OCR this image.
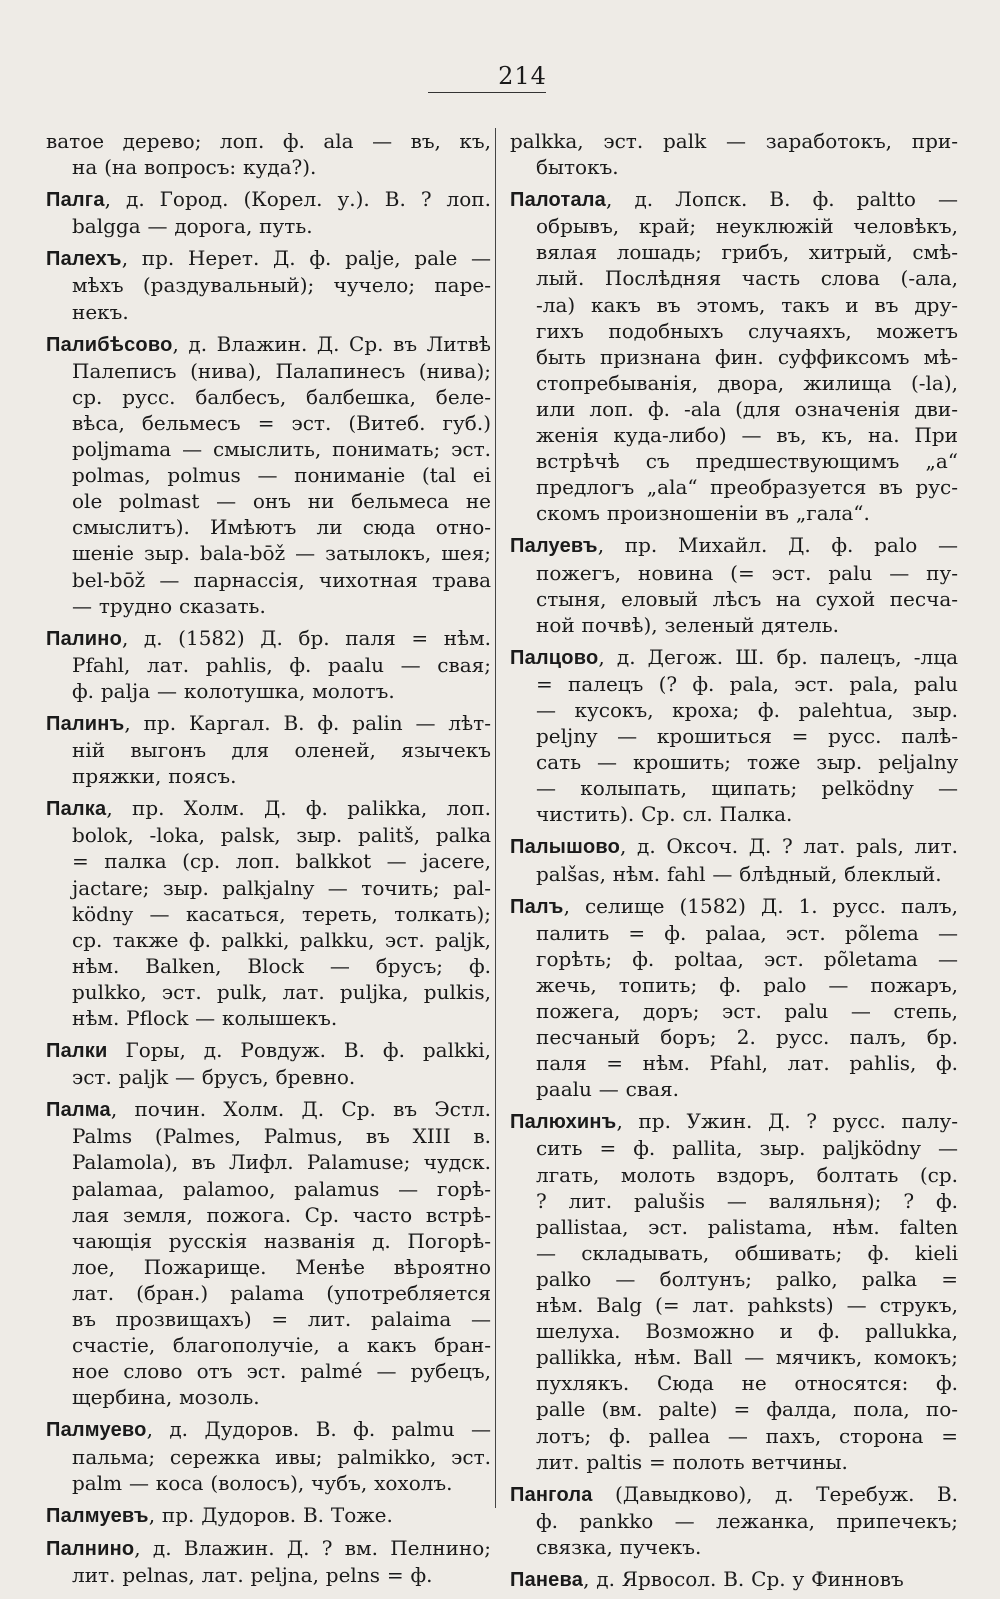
214
ватое дерево; лоп. ф. ala — въ, къ,
на (на вопросъ: куда?).
Палга, д. Город. (Корел. у.). В. ? лоп.
balgga — дорога, путь.
Палехъ, пр. Нерет. Д. ф. palje, pale —
мѣхъ (раздувальный); чучело; паре-
некъ.
Палибѣсово, д. Влажин. Д. Ср. въ Литвѣ
Палеписъ (нива), Палапинесъ (нива);
ср. русс. балбесъ, балбешка, беле-
вѣса, бельмесъ = эст. (Витеб. губ.)
poljmama — смыслить, понимать; эст.
polmas, polmus — пониманiе (tal ei
ole polmast — онъ ни бельмеса не
смыслитъ). Имѣютъ ли сюда отно-
шенiе зыр. bala-bōž — затылокъ, шея;
bel-bōž — парнассiя, чихотная трава
— трудно сказать.
Палино, д. (1582) Д. бр. паля = нѣм.
Pfahl, лат. pahlis, ф. paalu — свая;
ф. palja — колотушка, молотъ.
Палинъ, пр. Каргал. В. ф. palin — лѣт-
нiй выгонъ для оленей, язычекъ
пряжки, поясъ.
Палка, пр. Холм. Д. ф. palikka, лоп.
bolok, -loka, palsk, зыр. palitš, palka
= палка (ср. лоп. balkkot — jacere,
jactare; зыр. palkjalny — точить; pal-
ködny — касаться, тереть, толкать);
ср. также ф. palkki, palkku, эст. paljk,
нѣм. Balken, Block — брусъ; ф.
pulkko, эст. pulk, лат. puljka, pulkis,
нѣм. Pflock — колышекъ.
Палки Горы, д. Ровдуж. В. ф. palkki,
эст. paljk — брусъ, бревно.
Палма, почин. Холм. Д. Ср. въ Эстл.
Palms (Palmes, Palmus, въ XIII в.
Palamola), въ Лифл. Palamuse; чудск.
palamaa, palamoo, palamus — горѣ-
лая земля, пожога. Ср. часто встрѣ-
чающiя русскiя названiя д. Погорѣ-
лое, Пожарище. Менѣе вѣроятно
лат. (бран.) palama (употребляется
въ прозвищахъ) = лит. palaima —
счастiе, благополучiе, а какъ бран-
ное слово отъ эст. palmé — рубецъ,
щербина, мозоль.
Палмуево, д. Дудоров. В. ф. palmu —
пальма; сережка ивы; palmikko, эст.
palm — коса (волосъ), чубъ, хохолъ.
Палмуевъ, пр. Дудоров. В. Тоже.
Палнино, д. Влажин. Д. ? вм. Пелнино;
лит. pelnas, лат. peljna, pelns = ф.
palkka, эст. palk — заработокъ, при-
бытокъ.
Палотала, д. Лопск. В. ф. paltto —
обрывъ, край; неуклюжiй человѣкъ,
вялая лошадь; грибъ, хитрый, смѣ-
лый. Послѣдняя часть слова (-ала,
-ла) какъ въ этомъ, такъ и въ дру-
гихъ подобныхъ случаяхъ, можетъ
быть признана фин. суффиксомъ мѣ-
стопребыванiя, двора, жилища (-la),
или лоп. ф. -ala (для означенiя дви-
женiя куда-либо) — въ, къ, на. При
встрѣчѣ съ предшествующимъ „а“
предлогъ „ala“ преобразуется въ рус-
скомъ произношенiи въ „гала“.
Палуевъ, пр. Михайл. Д. ф. palo —
пожегъ, новина (= эст. palu — пу-
стыня, еловый лѣсъ на сухой песча-
ной почвѣ), зеленый дятель.
Палцово, д. Дегож. Ш. бр. палецъ, -лца
= палецъ (? ф. pala, эст. pala, palu
— кусокъ, кроха; ф. palehtua, зыр.
peljny — крошиться = русс. палѣ-
сать — крошить; тоже зыр. peljalny
— колыпать, щипать; pelködny —
чистить). Ср. сл. Палка.
Палышово, д. Оксоч. Д. ? лат. pals, лит.
palšas, нѣм. fahl — блѣдный, блеклый.
Палъ, селище (1582) Д. 1. русс. палъ,
палить = ф. palaa, эст. põlema —
горѣть; ф. poltaa, эст. põletama —
жечь, топить; ф. palo — пожаръ,
пожега, доръ; эст. palu — степь,
песчаный боръ; 2. русс. палъ, бр.
паля = нѣм. Pfahl, лат. pahlis, ф.
paalu — свая.
Палюхинъ, пр. Ужин. Д. ? русс. палу-
сить = ф. pallita, зыр. paljködny —
лгать, молоть вздоръ, болтать (ср.
? лит. palušis — валяльня); ? ф.
pallistaa, эст. palistama, нѣм. falten
— складывать, обшивать; ф. kieli
palko — болтунъ; palko, palka =
нѣм. Balg (= лат. pahksts) — струкъ,
шелуха. Возможно и ф. pallukka,
pallikka, нѣм. Ball — мячикъ, комокъ;
пухлякъ. Сюда не относятся: ф.
palle (вм. palte) = фалда, пола, по-
лотъ; ф. pallea — пахъ, сторона =
лит. paltis = полоть ветчины.
Пангола (Давыдково), д. Теребуж. В.
ф. pankko — лежанка, припечекъ;
связка, пучекъ.
Панева, д. Ярвосол. В. Ср. у Финновъ
